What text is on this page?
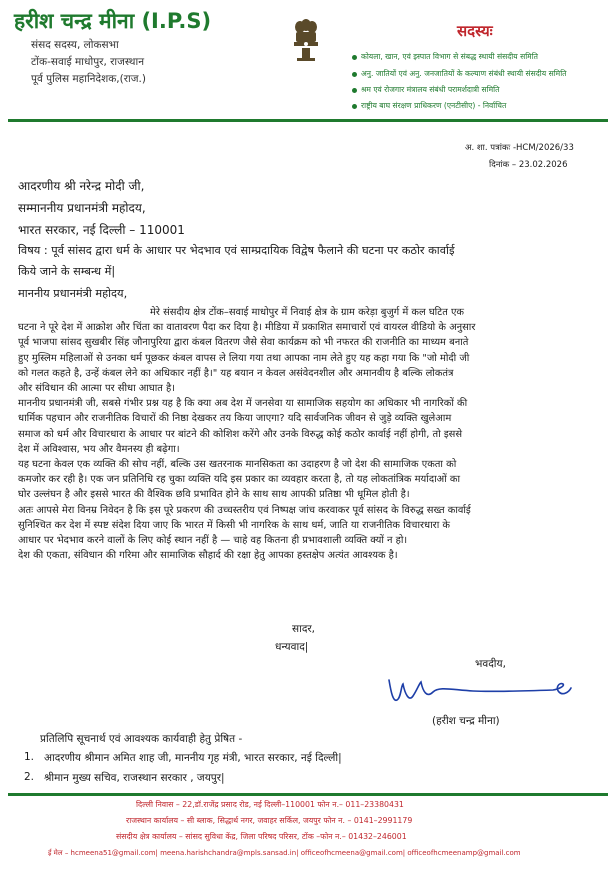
हरीश चन्द्र मीना (I.P.S)
संसद सदस्य, लोकसभा
टोंक-सवाई माधोपुर, राजस्थान
पूर्व पुलिस महानिदेशक,(राज.)
सदस्यः
कोयला, खान, एवं इस्पात विभाग से संबद्ध स्थायी संसदीय समिति
अनु. जातियों एवं अनु. जनजातियों के कल्याण संबंधी स्थायी संसदीय समिति
श्रम एवं रोजगार मंत्रालय संबंधी परामर्शदात्री समिति
राष्ट्रीय बाघ संरक्षण प्राधिकरण (एनटीसीए) - निर्वाचित
अ. शा. पत्रांकः -HCM/2026/33
दिनांक – 23.02.2026
आदरणीय श्री नरेन्द्र मोदी जी,
सम्माननीय प्रधानमंत्री महोदय,
भारत सरकार, नई दिल्ली – 110001
विषय : पूर्व सांसद द्वारा धर्म के आधार पर भेदभाव एवं साम्प्रदायिक विद्वेष फैलाने की घटना पर कठोर कार्वाई
किये जाने के सम्बन्ध में|
माननीय प्रधानमंत्री महोदय,
मेरे संसदीय क्षेत्र टोंक–सवाई माधोपुर में निवाई क्षेत्र के ग्राम करेड़ा बुजुर्ग में कल घटित एक
घटना ने पूरे देश में आक्रोश और चिंता का वातावरण पैदा कर दिया है। मीडिया में प्रकाशित समाचारों एवं वायरल वीडियो के अनुसार
पूर्व भाजपा सांसद सुखबीर सिंह जौनापुरिया द्वारा कंबल वितरण जैसे सेवा कार्यक्रम को भी नफरत की राजनीति का माध्यम बनाते
हुए मुस्लिम महिलाओं से उनका धर्म पूछकर कंबल वापस ले लिया गया तथा आपका नाम लेते हुए यह कहा गया कि "जो मोदी जी
को गलत कहते है, उन्हें कंबल लेने का अधिकार नहीं है।" यह बयान न केवल असंवेदनशील और अमानवीय है बल्कि लोकतंत्र
और संविधान की आत्मा पर सीधा आघात है।
माननीय प्रधानमंत्री जी, सबसे गंभीर प्रश्न यह है कि क्या अब देश में जनसेवा या सामाजिक सहयोग का अधिकार भी नागरिकों की
धार्मिक पहचान और राजनीतिक विचारों की निष्ठा देखकर तय किया जाएगा? यदि सार्वजनिक जीवन से जुड़े व्यक्ति खुलेआम
समाज को धर्म और विचारधारा के आधार पर बांटने की कोशिश करेंगे और उनके विरुद्ध कोई कठोर कार्वाई नहीं होगी, तो इससे
देश में अविश्वास, भय और वैमनस्य ही बढ़ेगा।
यह घटना केवल एक व्यक्ति की सोच नहीं, बल्कि उस खतरनाक मानसिकता का उदाहरण है जो देश की सामाजिक एकता को
कमजोर कर रही है। एक जन प्रतिनिधि रह चुका व्यक्ति यदि इस प्रकार का व्यवहार करता है, तो यह लोकतांत्रिक मर्यादाओं का
घोर उल्लंघन है और इससे भारत की वैश्विक छवि प्रभावित होने के साथ साथ आपकी प्रतिष्ठा भी धूमिल होती है।
अतः आपसे मेरा विनम्र निवेदन है कि इस पूरे प्रकरण की उच्चस्तरीय एवं निष्पक्ष जांच करवाकर पूर्व सांसद के विरुद्ध सख्त कार्वाई
सुनिश्चित कर देश में स्पष्ट संदेश दिया जाए कि भारत में किसी भी नागरिक के साथ धर्म, जाति या राजनीतिक विचारधारा के
आधार पर भेदभाव करने वालों के लिए कोई स्थान नहीं है — चाहे वह कितना ही प्रभावशाली व्यक्ति क्यों न हो।
देश की एकता, संविधान की गरिमा और सामाजिक सौहार्द की रक्षा हेतु आपका हस्तक्षेप अत्यंत आवश्यक है।
सादर,
धन्यवाद|
भवदीय,
(हरीश चन्द्र मीना)
प्रतिलिपि सूचनार्थ एवं आवश्यक कार्यवाही हेतु प्रेषित -
1. आदरणीय श्रीमान अमित शाह जी, माननीय गृह मंत्री, भारत सरकार, नई दिल्ली|
2. श्रीमान मुख्य सचिव, राजस्थान सरकार , जयपुर|
दिल्ली निवास – 22,डॉ.राजेंद्र प्रसाद रोड, नई दिल्ली–110001 फोन न.– 011–23380431
राजस्थान कार्यालय – सी ब्लाक, सिद्धार्थ नगर, जवाहर सर्किल, जयपुर फोन न. – 0141–2991179
संसदीय क्षेत्र कार्यालय – सांसद सुविधा केंद्र, जिला परिषद परिसर, टोंक –फोन न.– 01432–246001
ई मेल – hcmeena51@gmail.com| meena.harishchandra@mpls.sansad.in| officeofhcmeena@gmail.com| officeofhcmeenamp@gmail.com
